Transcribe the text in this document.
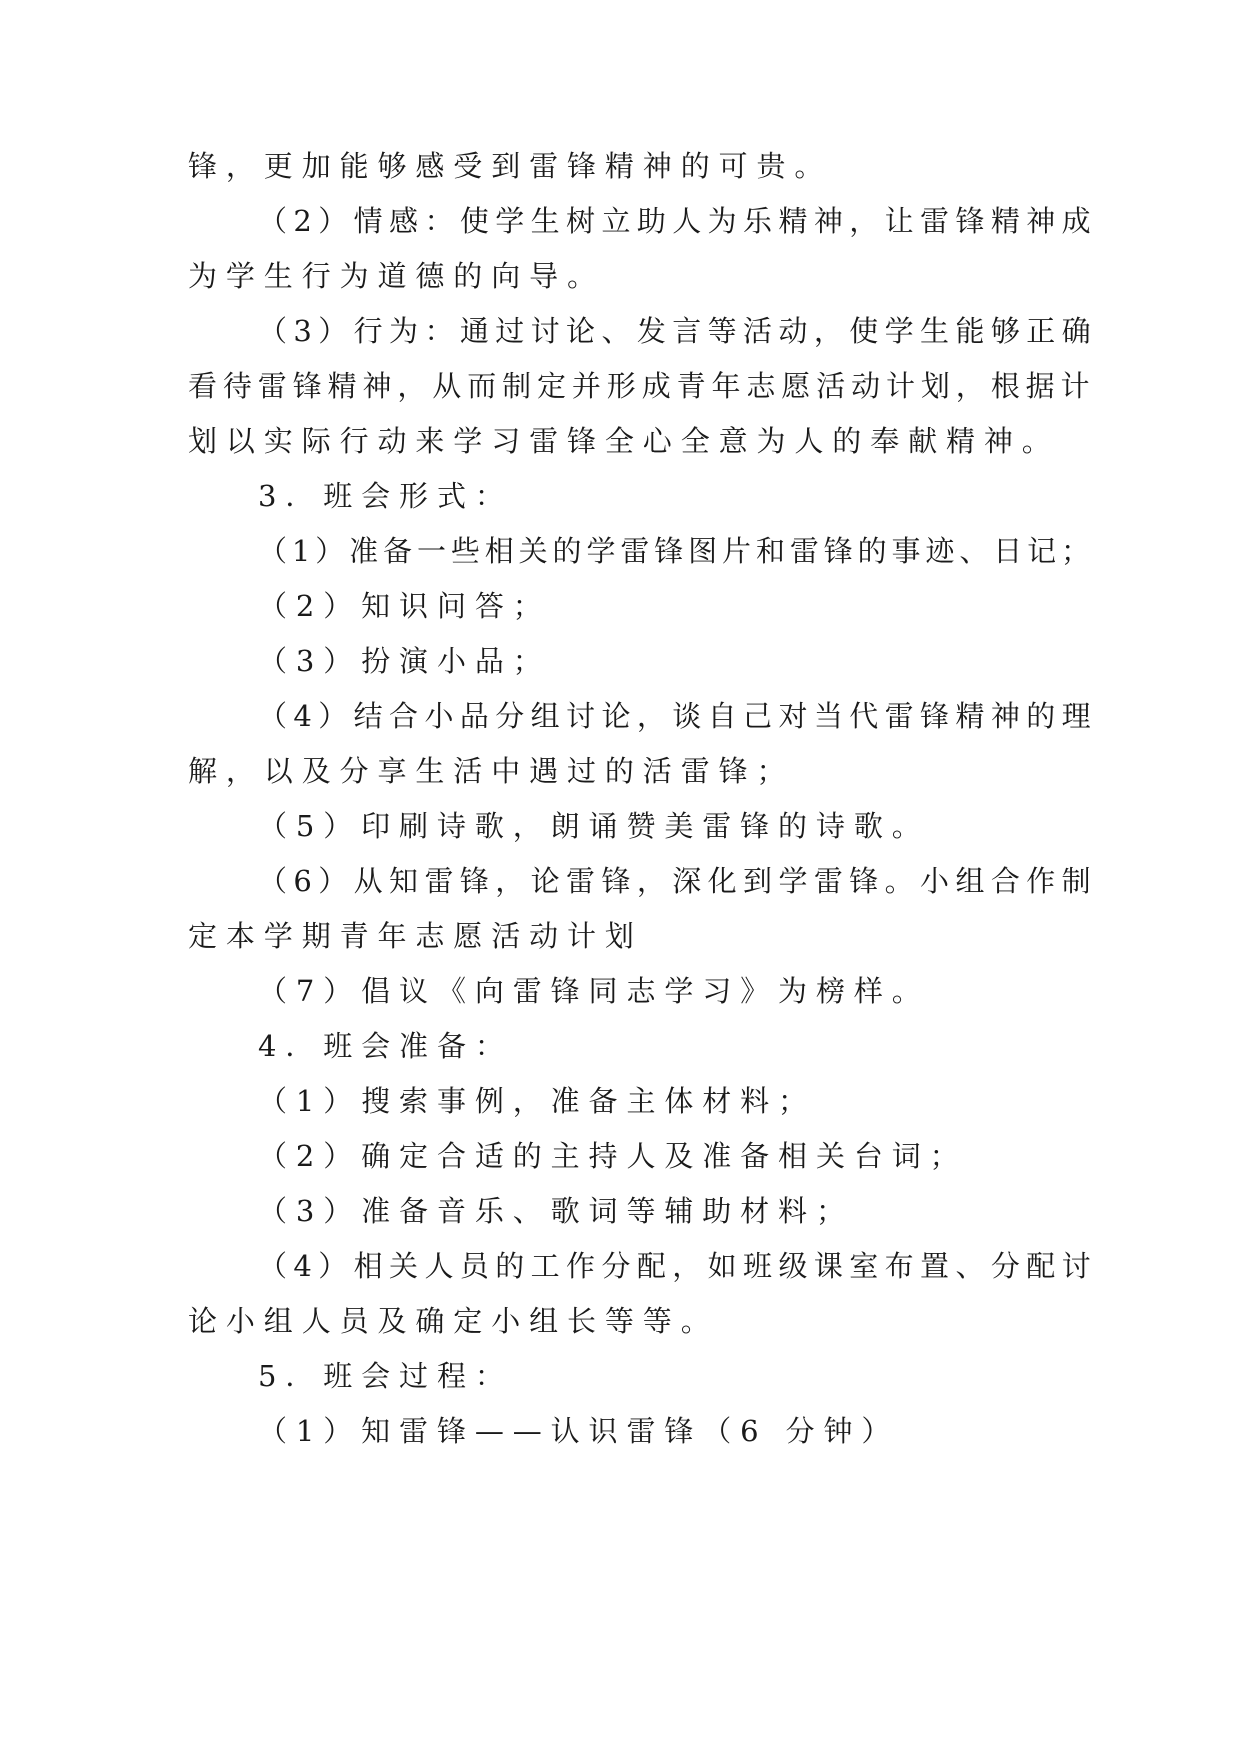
锋，更加能够感受到雷锋精神的可贵。
（2）情感：使学生树立助人为乐精神，让雷锋精神成
为学生行为道德的向导。
（3）行为：通过讨论、发言等活动，使学生能够正确
看待雷锋精神，从而制定并形成青年志愿活动计划，根据计
划以实际行动来学习雷锋全心全意为人的奉献精神。
3．班会形式：
（1）准备一些相关的学雷锋图片和雷锋的事迹、日记；
（2）知识问答；
（3）扮演小品；
（4）结合小品分组讨论，谈自己对当代雷锋精神的理
解，以及分享生活中遇过的活雷锋；
（5）印刷诗歌，朗诵赞美雷锋的诗歌。
（6）从知雷锋，论雷锋，深化到学雷锋。小组合作制
定本学期青年志愿活动计划
（7）倡议《向雷锋同志学习》为榜样。
4．班会准备：
（1）搜索事例，准备主体材料；
（2）确定合适的主持人及准备相关台词；
（3）准备音乐、歌词等辅助材料；
（4）相关人员的工作分配，如班级课室布置、分配讨
论小组人员及确定小组长等等。
5．班会过程：
（1）知雷锋——认识雷锋（6 分钟）
